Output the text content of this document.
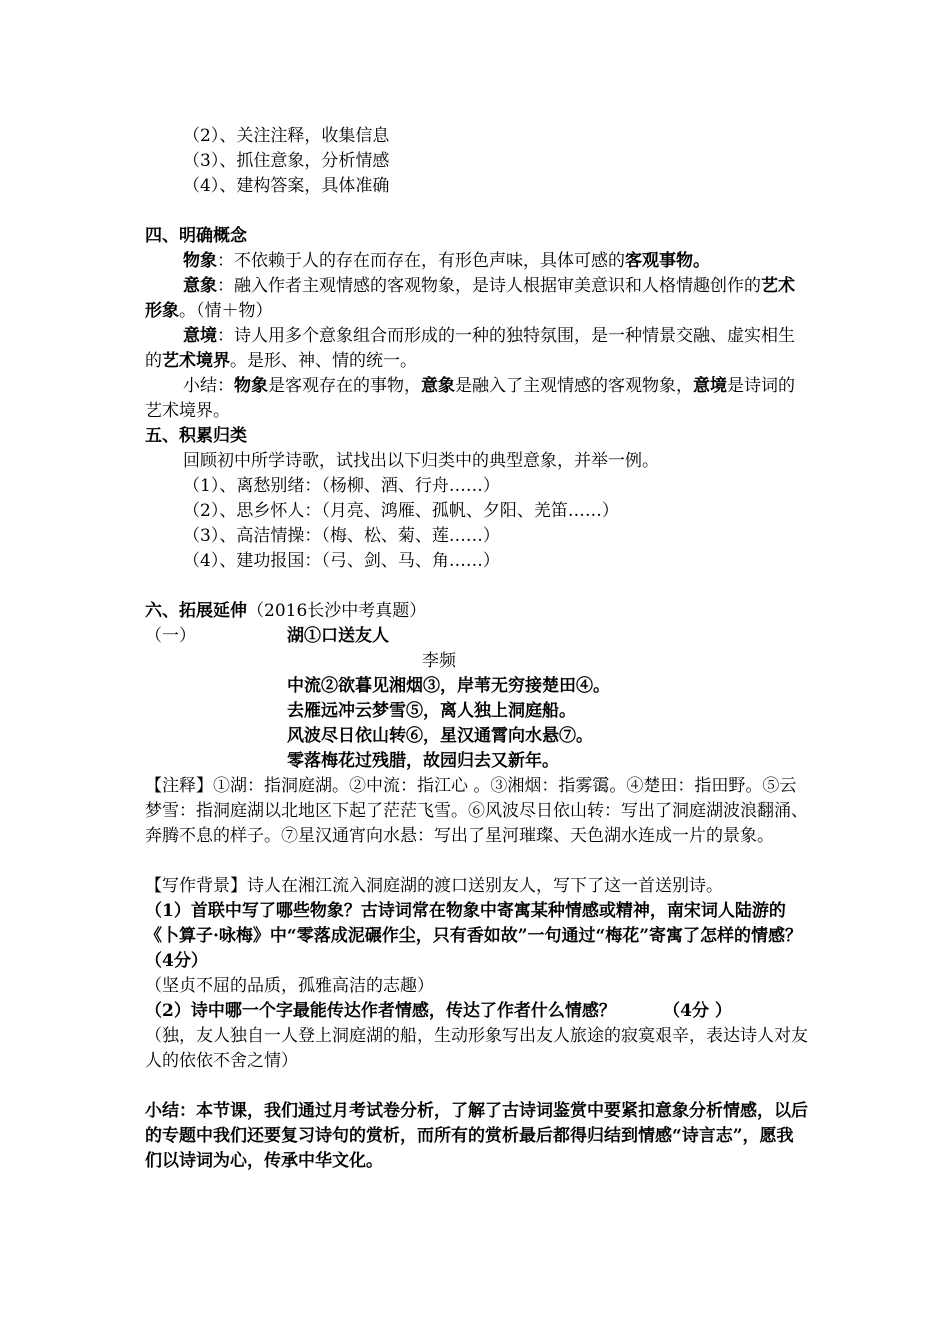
（2）、关注注释，收集信息

（3）、抓住意象，分析情感

（4）、建构答案，具体准确

四、明确概念

物象：不依赖于人的存在而存在，有形色声味，具体可感的客观事物。

意象：融入作者主观情感的客观物象，是诗人根据审美意识和人格情趣创作的艺术形象。（情＋物）

意境：诗人用多个意象组合而形成的一种的独特氛围，是一种情景交融、虚实相生的艺术境界。是形、神、情的统一。

小结：物象是客观存在的事物，意象是融入了主观情感的客观物象，意境是诗词的艺术境界。

五、积累归类

回顾初中所学诗歌，试找出以下归类中的典型意象，并举一例。

（1）、离愁别绪：（杨柳、酒、行舟……）

（2）、思乡怀人：（月亮、鸿雁、孤帆、夕阳、羌笛……）

（3）、高洁情操：（梅、松、菊、莲……）

（4）、建功报国：（弓、剑、马、角……）

六、拓展延伸（2016长沙中考真题）

（一）	湖①口送友人

李频

中流②欲暮见湘烟③，岸苇无穷接楚田④。

去雁远冲云梦雪⑤，离人独上洞庭船。

风波尽日依山转⑥，星汉通霄向水悬⑦。

零落梅花过残腊，故园归去又新年。

【注释】①湖：指洞庭湖。②中流：指江心 。③湘烟：指雾霭。④楚田：指田野。⑤云梦雪：指洞庭湖以北地区下起了茫茫飞雪。⑥风波尽日依山转：写出了洞庭湖波浪翻涌、奔腾不息的样子。⑦星汉通宵向水悬：写出了星河璀璨、天色湖水连成一片的景象。

【写作背景】诗人在湘江流入洞庭湖的渡口送别友人，写下了这一首送别诗。

（1）首联中写了哪些物象？古诗词常在物象中寄寓某种情感或精神，南宋词人陆游的《卜算子·咏梅》中“零落成泥碾作尘，只有香如故”一句通过“梅花”寄寓了怎样的情感？（4分）

（坚贞不屈的品质，孤雅高洁的志趣）

（2）诗中哪一个字最能传达作者情感，传达了作者什么情感？        （4分 ）

（独，友人独自一人登上洞庭湖的船，生动形象写出友人旅途的寂寞艰辛，表达诗人对友人的依依不舍之情）

小结：本节课，我们通过月考试卷分析，了解了古诗词鉴赏中要紧扣意象分析情感，以后的专题中我们还要复习诗句的赏析，而所有的赏析最后都得归结到情感“诗言志”，愿我们以诗词为心，传承中华文化。
